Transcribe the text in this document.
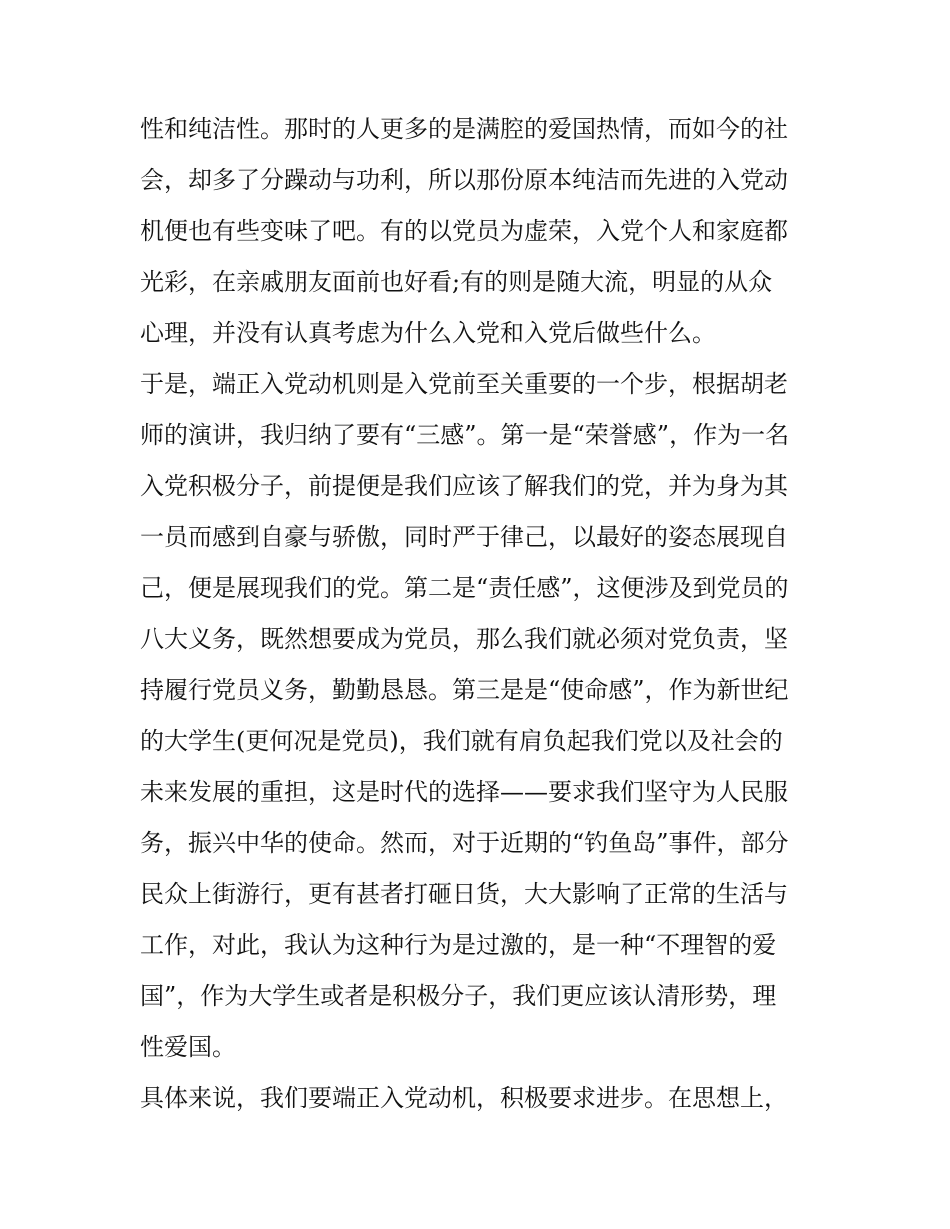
性和纯洁性。那时的人更多的是满腔的爱国热情，而如今的社
会，却多了分躁动与功利，所以那份原本纯洁而先进的入党动
机便也有些变味了吧。有的以党员为虚荣，入党个人和家庭都
光彩，在亲戚朋友面前也好看;有的则是随大流，明显的从众
心理，并没有认真考虑为什么入党和入党后做些什么。
于是，端正入党动机则是入党前至关重要的一个步，根据胡老
师的演讲，我归纳了要有“三感”。第一是“荣誉感”，作为一名
入党积极分子，前提便是我们应该了解我们的党，并为身为其
一员而感到自豪与骄傲，同时严于律己，以最好的姿态展现自
己，便是展现我们的党。第二是“责任感”，这便涉及到党员的
八大义务，既然想要成为党员，那么我们就必须对党负责，坚
持履行党员义务，勤勤恳恳。第三是是“使命感”，作为新世纪
的大学生(更何况是党员)，我们就有肩负起我们党以及社会的
未来发展的重担，这是时代的选择——要求我们坚守为人民服
务，振兴中华的使命。然而，对于近期的“钓鱼岛”事件，部分
民众上街游行，更有甚者打砸日货，大大影响了正常的生活与
工作，对此，我认为这种行为是过激的，是一种“不理智的爱
国”，作为大学生或者是积极分子，我们更应该认清形势，理
性爱国。
具体来说，我们要端正入党动机，积极要求进步。在思想上，
